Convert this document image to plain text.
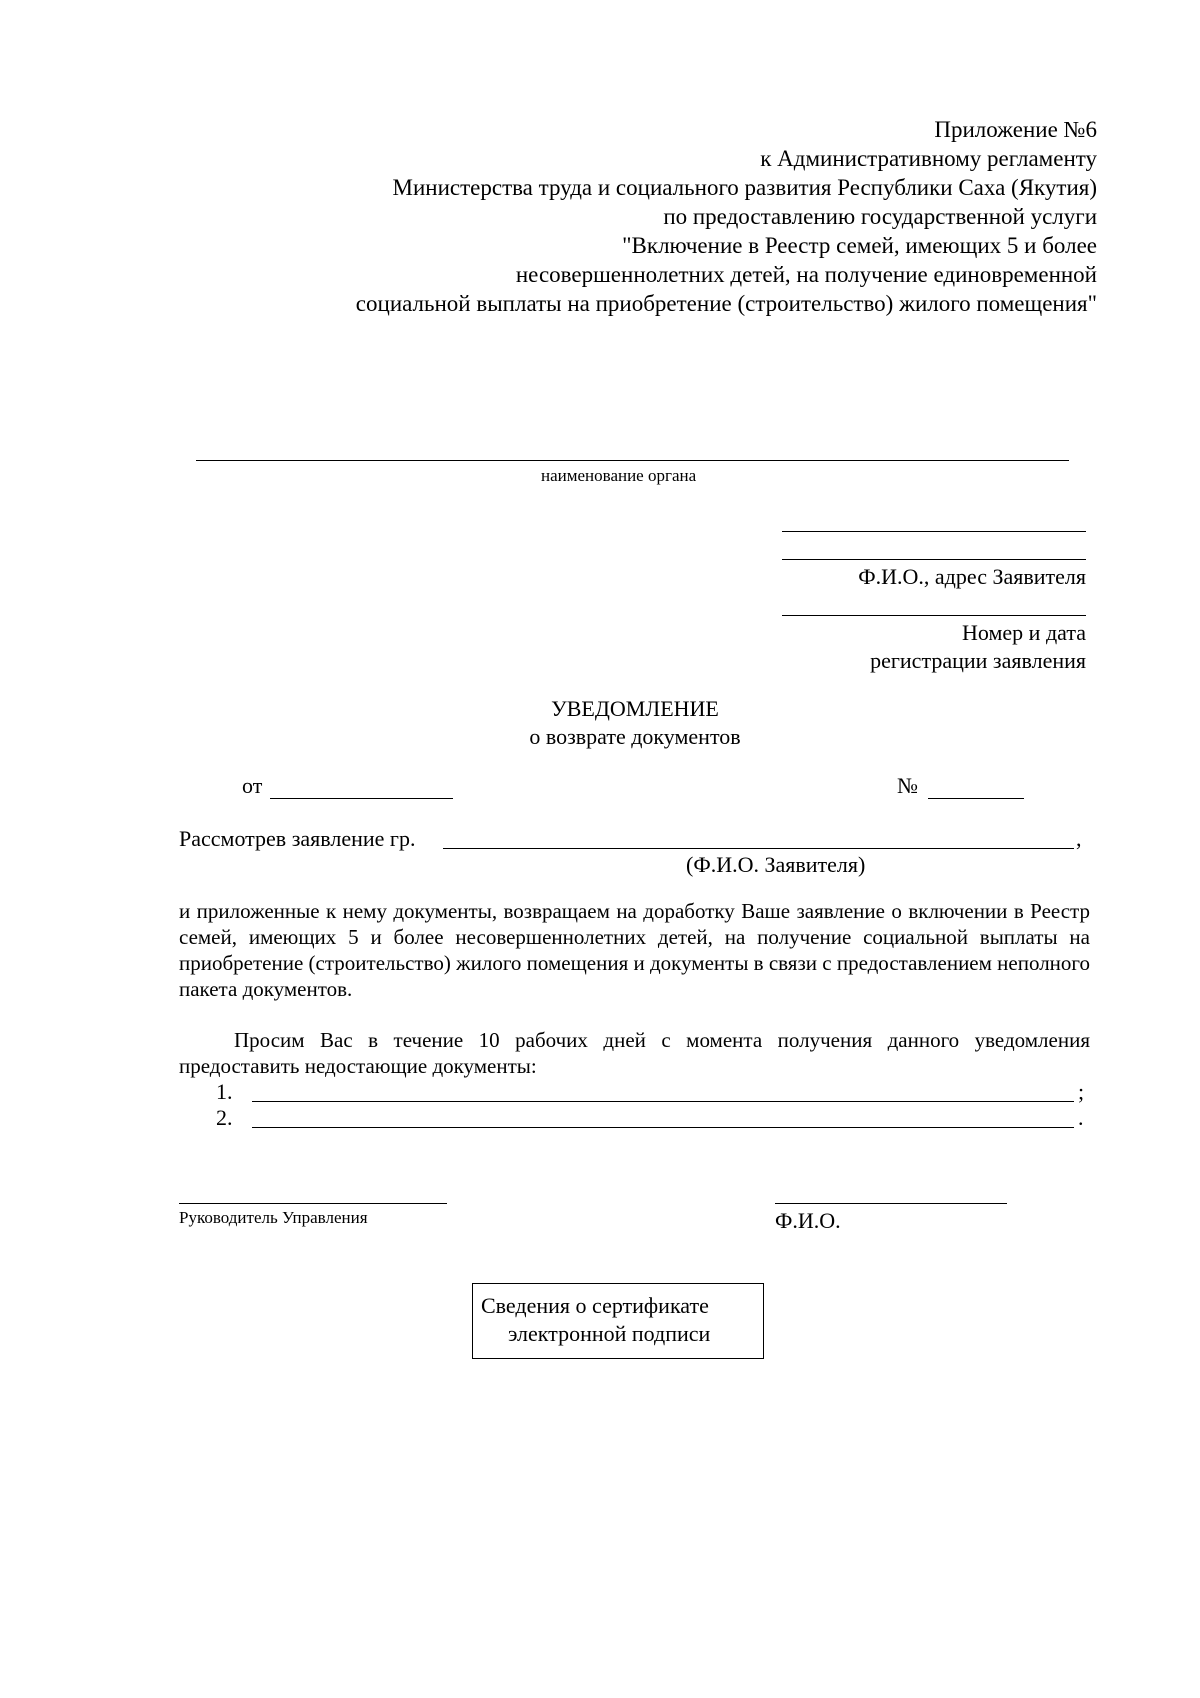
Приложение №6
к Административному регламенту
Министерства труда и социального развития Республики Саха (Якутия)
по предоставлению государственной услуги
"Включение в Реестр семей, имеющих 5 и более
несовершеннолетних детей, на получение единовременной
социальной выплаты на приобретение (строительство) жилого помещения"
наименование органа
Ф.И.О., адрес Заявителя
Номер и дата
регистрации заявления
УВЕДОМЛЕНИЕ
о возврате документов
от	№
Рассмотрев заявление гр.	,
(Ф.И.О. Заявителя)

и приложенные к нему документы, возвращаем на доработку Ваше заявление о включении в Реестр семей, имеющих 5 и более несовершеннолетних детей, на получение социальной выплаты на приобретение (строительство) жилого помещения и документы в связи с предоставлением неполного пакета документов.

Просим Вас в течение 10 рабочих дней с момента получения данного уведомления предоставить недостающие документы:

1.	;
2.	.
Руководитель Управления	Ф.И.О.
Сведения о сертификате
электронной подписи
